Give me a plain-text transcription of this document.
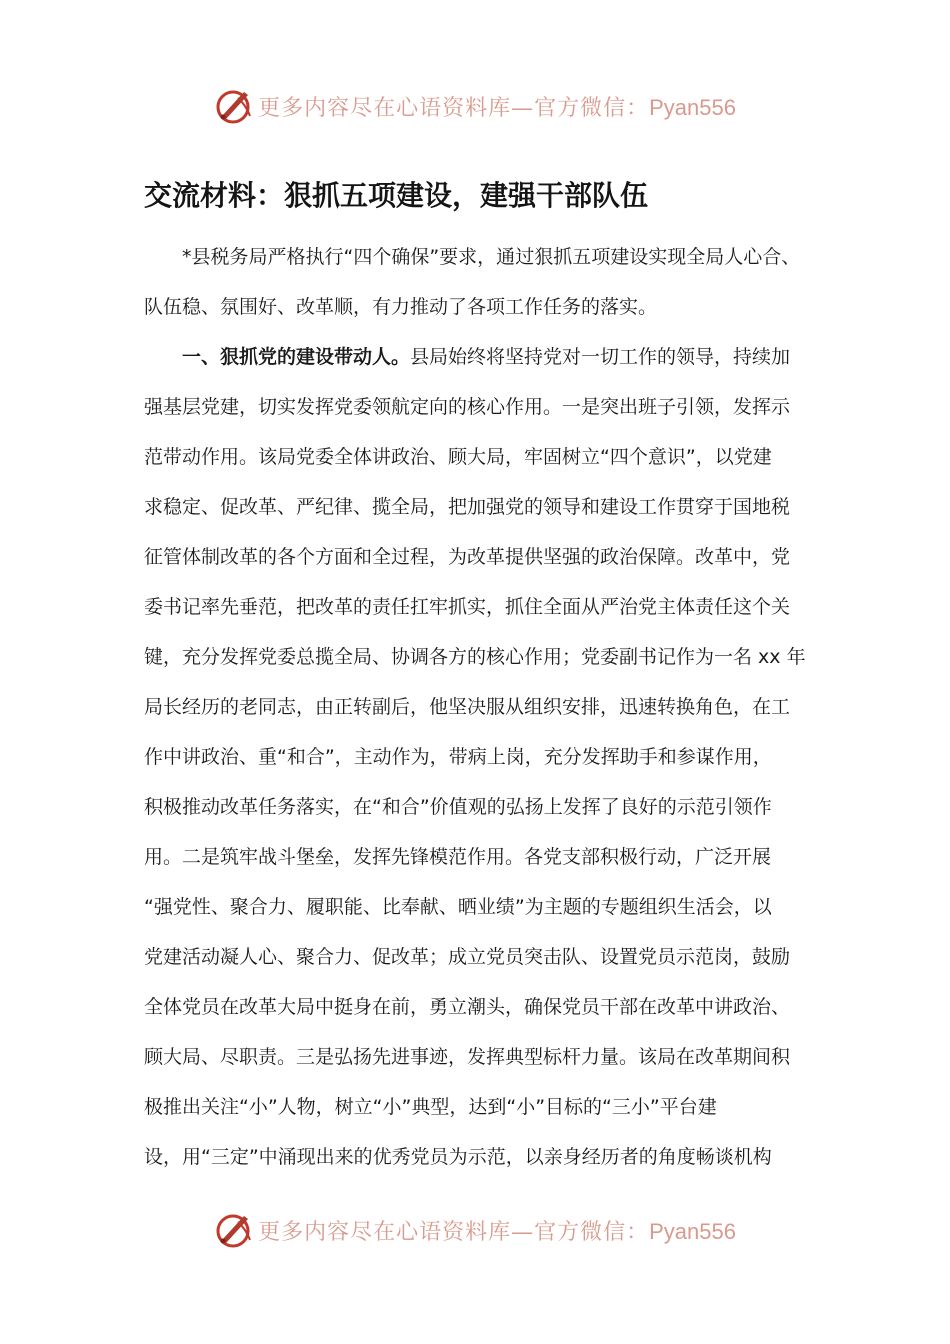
更多内容尽在心语资料库—官方微信：Pyan556
交流材料：狠抓五项建设，建强干部队伍
*县税务局严格执行“四个确保”要求，通过狠抓五项建设实现全局人心合、
队伍稳、氛围好、改革顺，有力推动了各项工作任务的落实。
一、狠抓党的建设带动人。县局始终将坚持党对一切工作的领导，持续加
强基层党建，切实发挥党委领航定向的核心作用。一是突出班子引领，发挥示
范带动作用。该局党委全体讲政治、顾大局，牢固树立“四个意识”，以党建
求稳定、促改革、严纪律、揽全局，把加强党的领导和建设工作贯穿于国地税
征管体制改革的各个方面和全过程，为改革提供坚强的政治保障。改革中，党
委书记率先垂范，把改革的责任扛牢抓实，抓住全面从严治党主体责任这个关
键，充分发挥党委总揽全局、协调各方的核心作用；党委副书记作为一名 xx 年
局长经历的老同志，由正转副后，他坚决服从组织安排，迅速转换角色，在工
作中讲政治、重“和合”，主动作为，带病上岗，充分发挥助手和参谋作用，
积极推动改革任务落实，在“和合”价值观的弘扬上发挥了良好的示范引领作
用。二是筑牢战斗堡垒，发挥先锋模范作用。各党支部积极行动，广泛开展
“强党性、聚合力、履职能、比奉献、晒业绩”为主题的专题组织生活会，以
党建活动凝人心、聚合力、促改革；成立党员突击队、设置党员示范岗，鼓励
全体党员在改革大局中挺身在前，勇立潮头，确保党员干部在改革中讲政治、
顾大局、尽职责。三是弘扬先进事迹，发挥典型标杆力量。该局在改革期间积
极推出关注“小”人物，树立“小”典型，达到“小”目标的“三小”平台建
设，用“三定”中涌现出来的优秀党员为示范，以亲身经历者的角度畅谈机构
更多内容尽在心语资料库—官方微信：Pyan556
